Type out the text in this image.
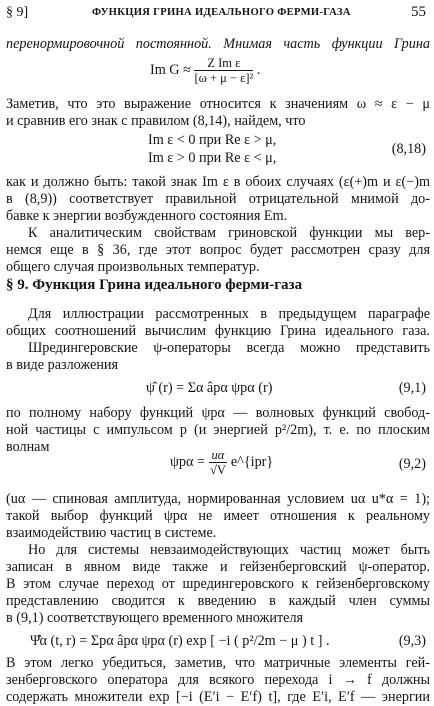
§ 9]	ФУНКЦИЯ ГРИНА ИДЕАЛЬНОГО ФЕРМИ-ГАЗА	55
перенормировочной постоянной. Мнимая часть функции Грина
Im $G \approx \frac{\text{Z Im ε}}{\text{[ω + μ − ε]²}}$ .
Заметив, что это выражение относится к значениям ω ≈ ε − μ
и сравнив его знак с правилом (8,14), найдем, что
Im ε < 0 при Re ε > μ,
Im ε > 0 при Re ε < μ,
(8,18)
как и должно быть: такой знак Im ε в обоих случаях (ε(+)m и ε(−)m
в (8,9)) соответствует правильной отрицательной мнимой до-
бавке к энергии возбужденного состояния Em.
К аналитическим свойствам гриновской функции мы вер-
немся еще в § 36, где этот вопрос будет рассмотрен сразу для
общего случая произвольных температур.
§ 9. Функция Грина идеального ферми-газа
Для иллюстрации рассмотренных в предыдущем параграфе
общих соотношений вычислим функцию Грина идеального газа.
Шредингеровские ψ-операторы всегда можно представить
в виде разложения
ψ̂ (r) = Σα âpα ψpα (r)	(9,1)
по полному набору функций ψpα — волновых функций свобод-
ной частицы с импульсом p (и энергией p²/2m), т. е. по плоским
волнам
$\psi p\alpha = \frac{u\alpha}{√V}$ e^{ipr}	(9,2)
(uα — спиновая амплитуда, нормированная условием uα u*α = 1);
такой выбор функций ψpα не имеет отношения к реальному
взаимодействию частиц в системе.
Но для системы невзаимодействующих частиц может быть
записан в явном виде также и гейзенберговский ψ-оператор.
В этом случае переход от шредингеровского к гейзенберговскому
представлению сводится к введению в каждый член суммы
в (9,1) соответствующего временного множителя
Ψ̂α (t, r) = Σpα âpα ψpα (r) exp [ −i ( p²/2m − μ ) t ] .	(9,3)
В этом легко убедиться, заметив, что матричные элементы гей-
зенберговского оператора для всякого перехода i → f должны
содержать множители exp [−i (E′i − E′f) t], где E′i, E′f — энергии
